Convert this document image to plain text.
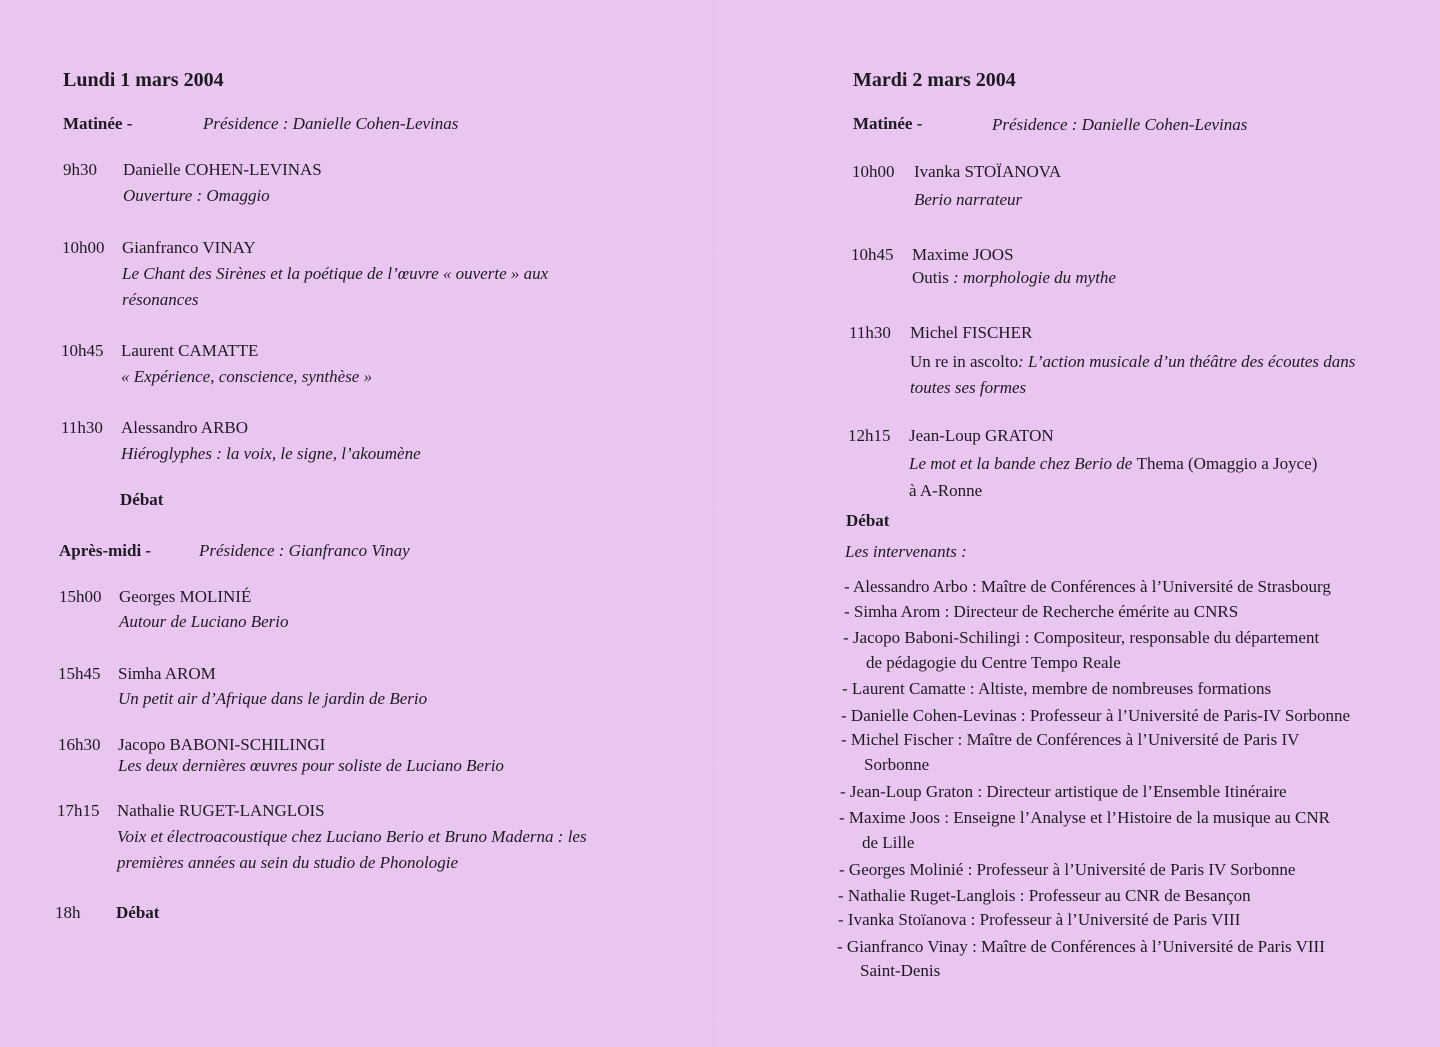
Lundi 1 mars 2004
Matinée -	Présidence : Danielle Cohen-Levinas
9h30 Danielle COHEN-LEVINAS
Ouverture : Omaggio
10h00 Gianfranco VINAY
Le Chant des Sirènes et la poétique de l’œuvre « ouverte » aux résonances
10h45 Laurent CAMATTE
« Expérience, conscience, synthèse »
11h30 Alessandro ARBO
Hiéroglyphes : la voix, le signe, l’akoumène
Débat
Après-midi -	Présidence : Gianfranco Vinay
15h00 Georges MOLINIÉ
Autour de Luciano Berio
15h45 Simha AROM
Un petit air d’Afrique dans le jardin de Berio
16h30 Jacopo BABONI-SCHILINGI
Les deux dernières œuvres pour soliste de Luciano Berio
17h15 Nathalie RUGET-LANGLOIS
Voix et électroacoustique chez Luciano Berio et Bruno Maderna : les premières années au sein du studio de Phonologie
18h Débat
Mardi 2 mars 2004
Matinée -	Présidence : Danielle Cohen-Levinas
10h00 Ivanka STOÏANOVA
Berio narrateur
10h45 Maxime JOOS
Outis : morphologie du mythe
11h30 Michel FISCHER
Un re in ascolto: L’action musicale d’un théâtre des écoutes dans toutes ses formes
12h15 Jean-Loup GRATON
Le mot et la bande chez Berio de Thema (Omaggio a Joyce)
à A-Ronne
Débat
Les intervenants :
- Alessandro Arbo : Maître de Conférences à l’Université de Strasbourg
- Simha Arom : Directeur de Recherche émérite au CNRS
- Jacopo Baboni-Schilingi : Compositeur, responsable du département
de pédagogie du Centre Tempo Reale
- Laurent Camatte : Altiste, membre de nombreuses formations
- Danielle Cohen-Levinas : Professeur à l’Université de Paris-IV Sorbonne
- Michel Fischer : Maître de Conférences à l’Université de Paris IV
Sorbonne
- Jean-Loup Graton : Directeur artistique de l’Ensemble Itinéraire
- Maxime Joos : Enseigne l’Analyse et l’Histoire de la musique au CNR
de Lille
- Georges Molinié : Professeur à l’Université de Paris IV Sorbonne
- Nathalie Ruget-Langlois : Professeur au CNR de Besançon
- Ivanka Stoïanova : Professeur à l’Université de Paris VIII
- Gianfranco Vinay : Maître de Conférences à l’Université de Paris VIII
Saint-Denis
